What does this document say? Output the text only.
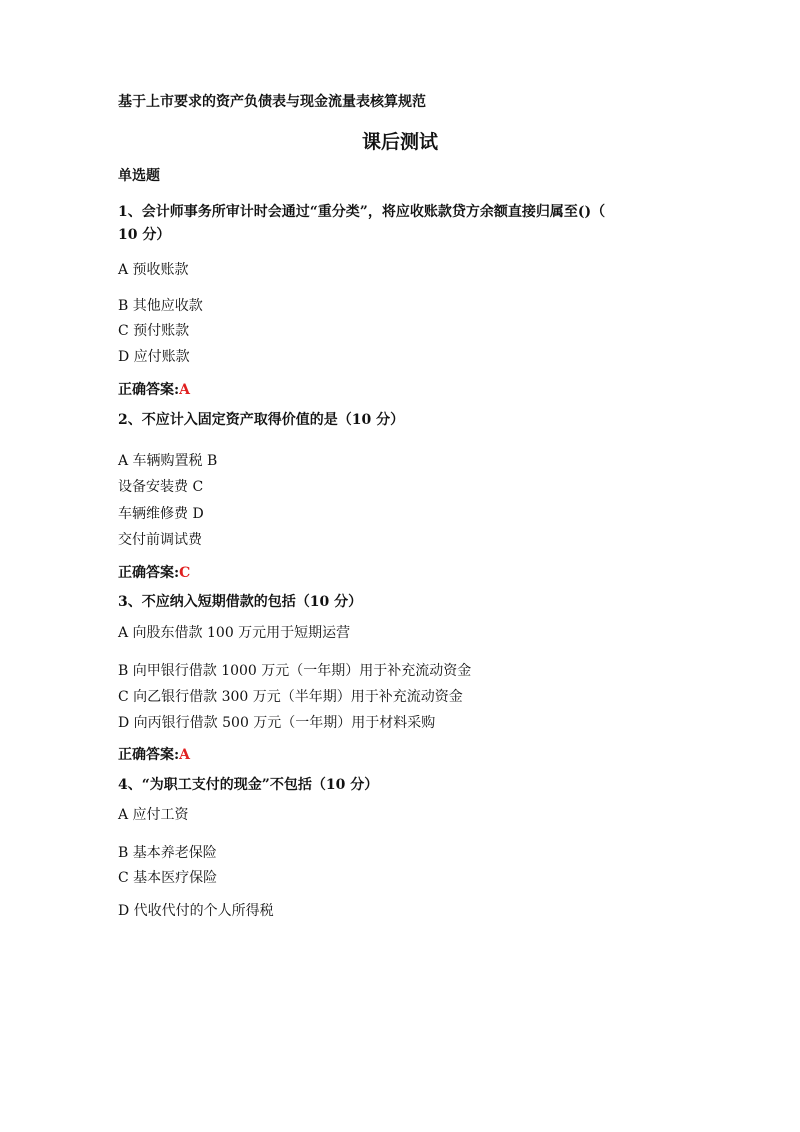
基于上市要求的资产负债表与现金流量表核算规范
课后测试
单选题
1、会计师事务所审计时会通过“重分类”，将应收账款贷方余额直接归属至()（
10 分）
A 预收账款
B 其他应收款
C 预付账款
D 应付账款
正确答案:A
2、不应计入固定资产取得价值的是（10 分）
A 车辆购置税 B
设备安装费 C
车辆维修费 D
交付前调试费
正确答案:C
3、不应纳入短期借款的包括（10 分）
A 向股东借款 100 万元用于短期运营
B 向甲银行借款 1000 万元（一年期）用于补充流动资金
C 向乙银行借款 300 万元（半年期）用于补充流动资金
D 向丙银行借款 500 万元（一年期）用于材料采购
正确答案:A
4、“为职工支付的现金”不包括（10 分）
A 应付工资
B 基本养老保险
C 基本医疗保险
D 代收代付的个人所得税
